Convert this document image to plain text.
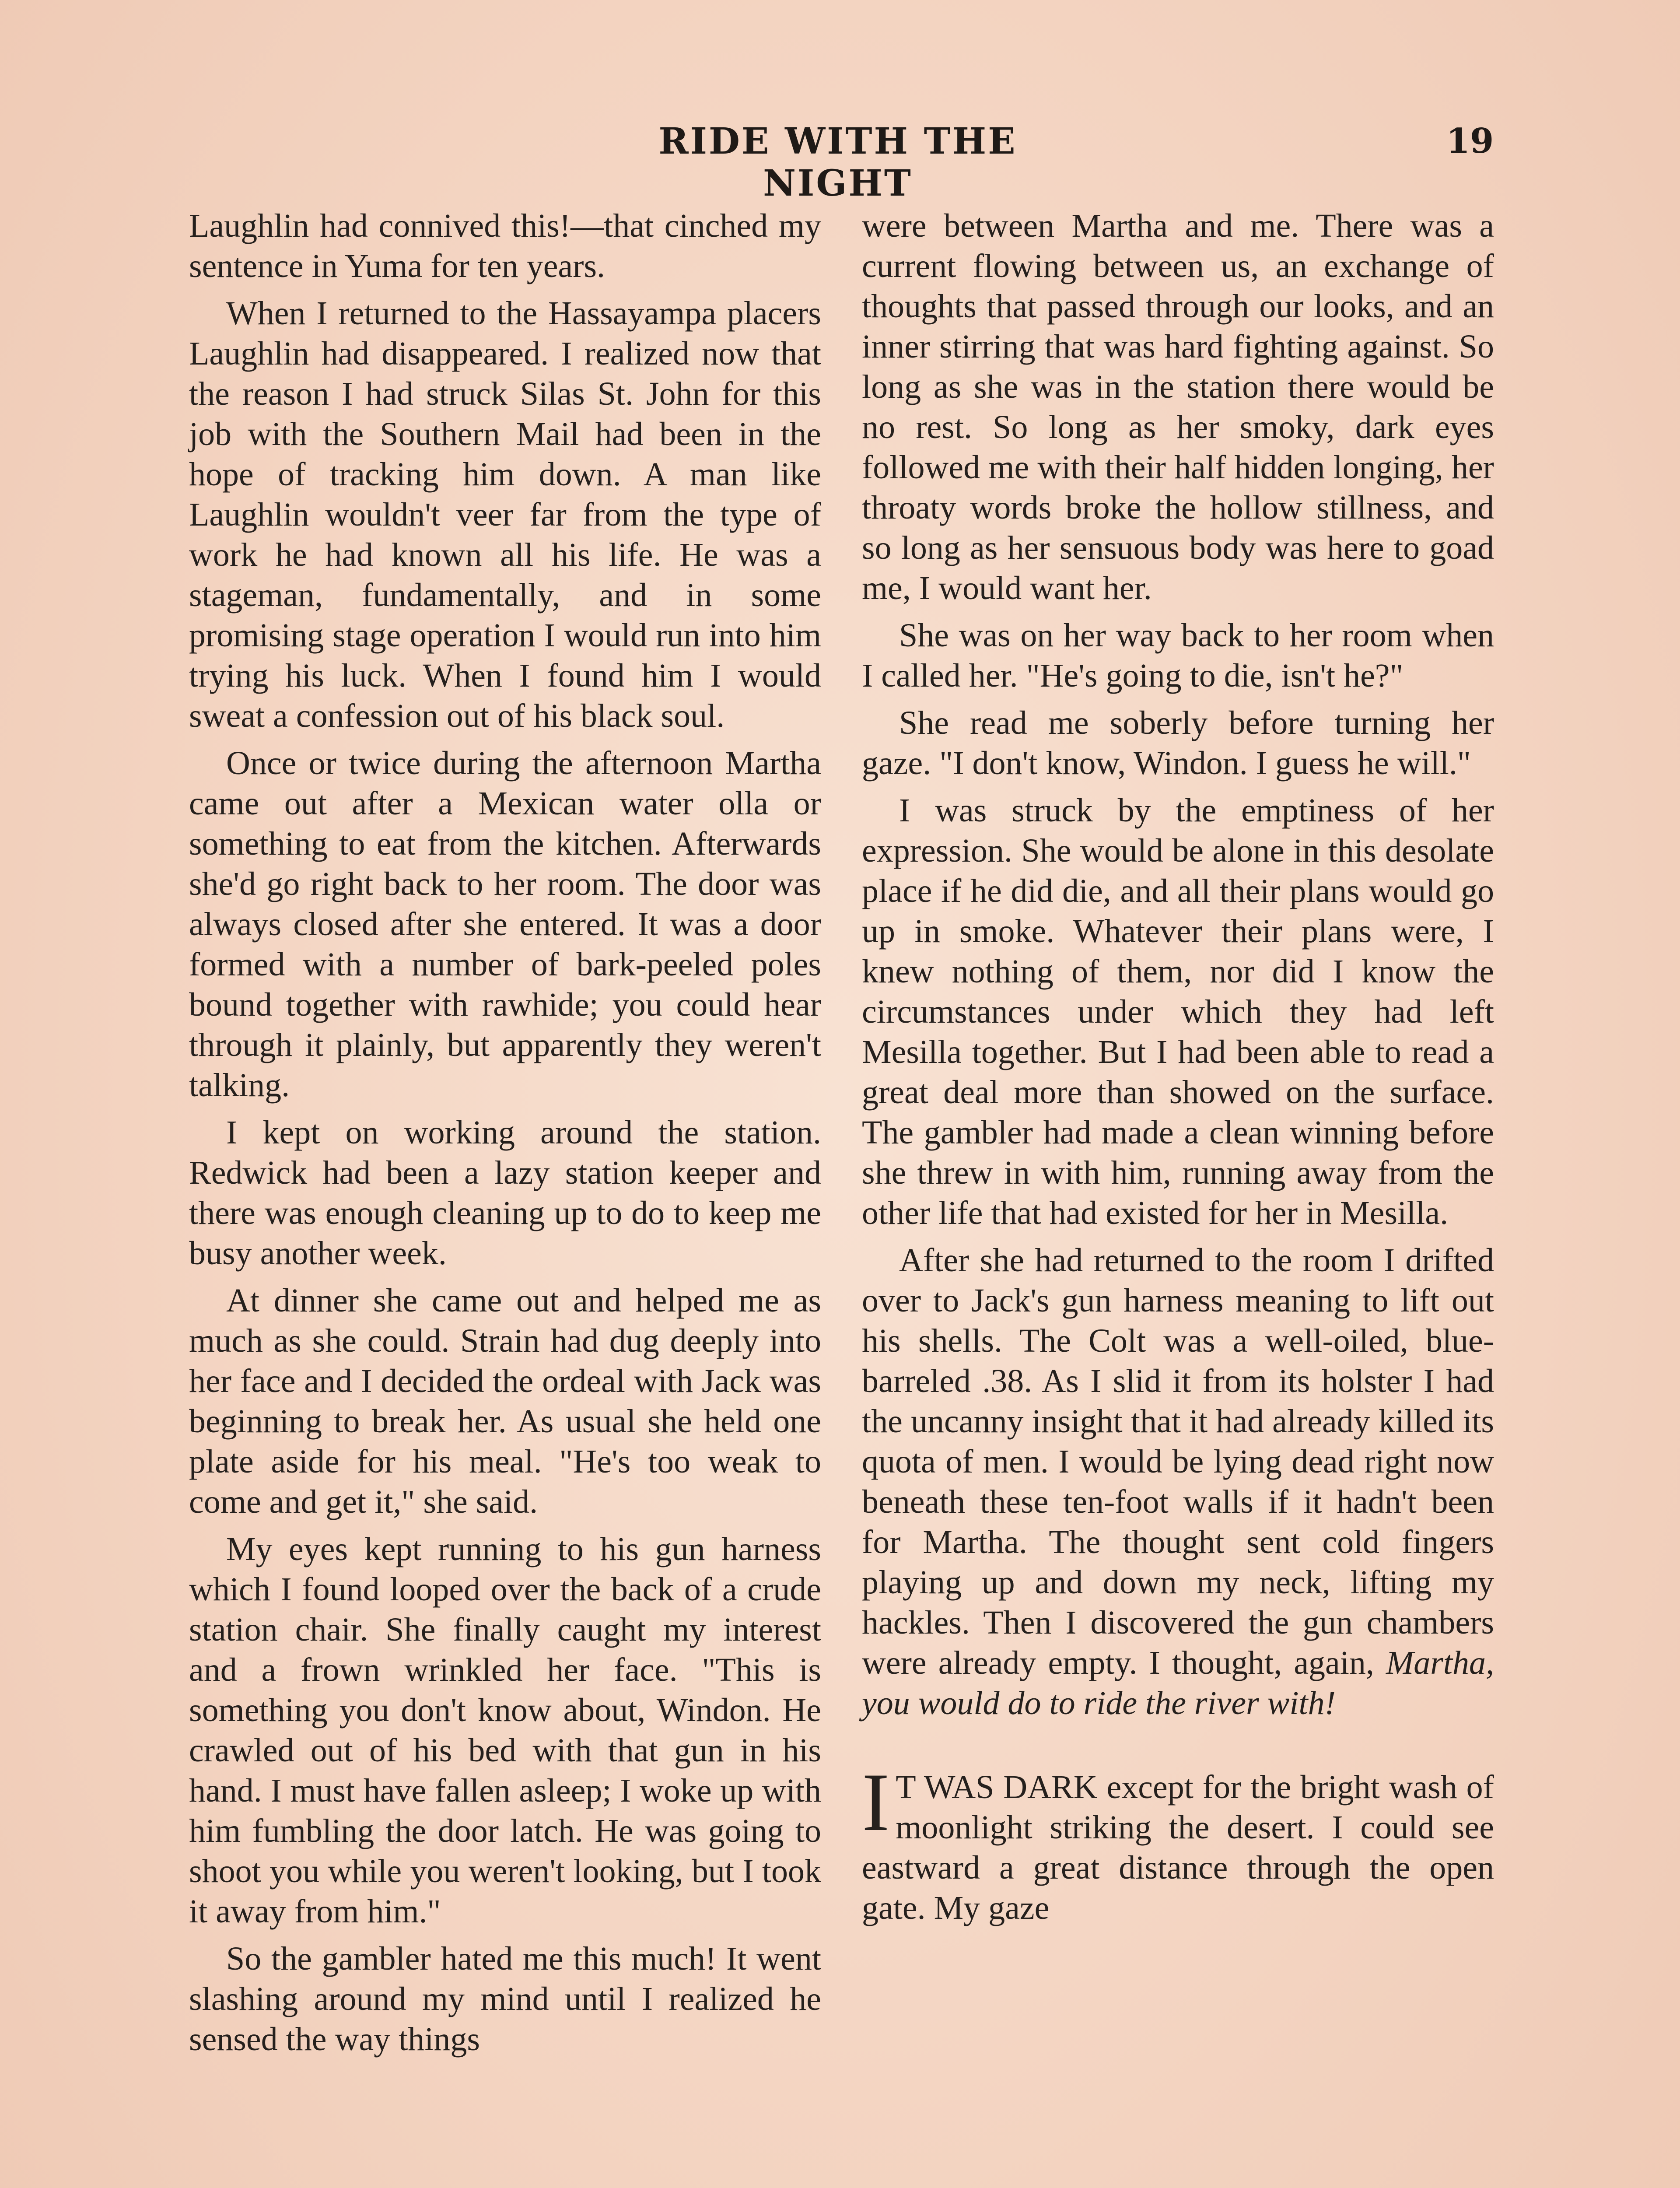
RIDE WITH THE NIGHT
19

Laughlin had connived this!—that cinched my sentence in Yuma for ten years.

When I returned to the Hassayampa placers Laughlin had disappeared. I realized now that the reason I had struck Silas St. John for this job with the Southern Mail had been in the hope of tracking him down. A man like Laughlin wouldn't veer far from the type of work he had known all his life. He was a stageman, fundamentally, and in some promising stage operation I would run into him trying his luck. When I found him I would sweat a confession out of his black soul.

Once or twice during the afternoon Martha came out after a Mexican water olla or something to eat from the kitchen. Afterwards she'd go right back to her room. The door was always closed after she entered. It was a door formed with a number of bark-peeled poles bound together with rawhide; you could hear through it plainly, but apparently they weren't talking.

I kept on working around the station. Redwick had been a lazy station keeper and there was enough cleaning up to do to keep me busy another week.

At dinner she came out and helped me as much as she could. Strain had dug deeply into her face and I decided the ordeal with Jack was beginning to break her. As usual she held one plate aside for his meal. "He's too weak to come and get it," she said.

My eyes kept running to his gun harness which I found looped over the back of a crude station chair. She finally caught my interest and a frown wrinkled her face. "This is something you don't know about, Windon. He crawled out of his bed with that gun in his hand. I must have fallen asleep; I woke up with him fumbling the door latch. He was going to shoot you while you weren't looking, but I took it away from him."

So the gambler hated me this much! It went slashing around my mind until I realized he sensed the way things

were between Martha and me. There was a current flowing between us, an exchange of thoughts that passed through our looks, and an inner stirring that was hard fighting against. So long as she was in the station there would be no rest. So long as her smoky, dark eyes followed me with their half hidden longing, her throaty words broke the hollow stillness, and so long as her sensuous body was here to goad me, I would want her.

She was on her way back to her room when I called her. "He's going to die, isn't he?"

She read me soberly before turning her gaze. "I don't know, Windon. I guess he will."

I was struck by the emptiness of her expression. She would be alone in this desolate place if he did die, and all their plans would go up in smoke. Whatever their plans were, I knew nothing of them, nor did I know the circumstances under which they had left Mesilla together. But I had been able to read a great deal more than showed on the surface. The gambler had made a clean winning before she threw in with him, running away from the other life that had existed for her in Mesilla.

After she had returned to the room I drifted over to Jack's gun harness meaning to lift out his shells. The Colt was a well-oiled, blue-barreled .38. As I slid it from its holster I had the uncanny insight that it had already killed its quota of men. I would be lying dead right now beneath these ten-foot walls if it hadn't been for Martha. The thought sent cold fingers playing up and down my neck, lifting my hackles. Then I discovered the gun chambers were already empty. I thought, again, Martha, you would do to ride the river with!

I T WAS DARK except for the bright wash of moonlight striking the desert. I could see eastward a great distance through the open gate. My gaze
